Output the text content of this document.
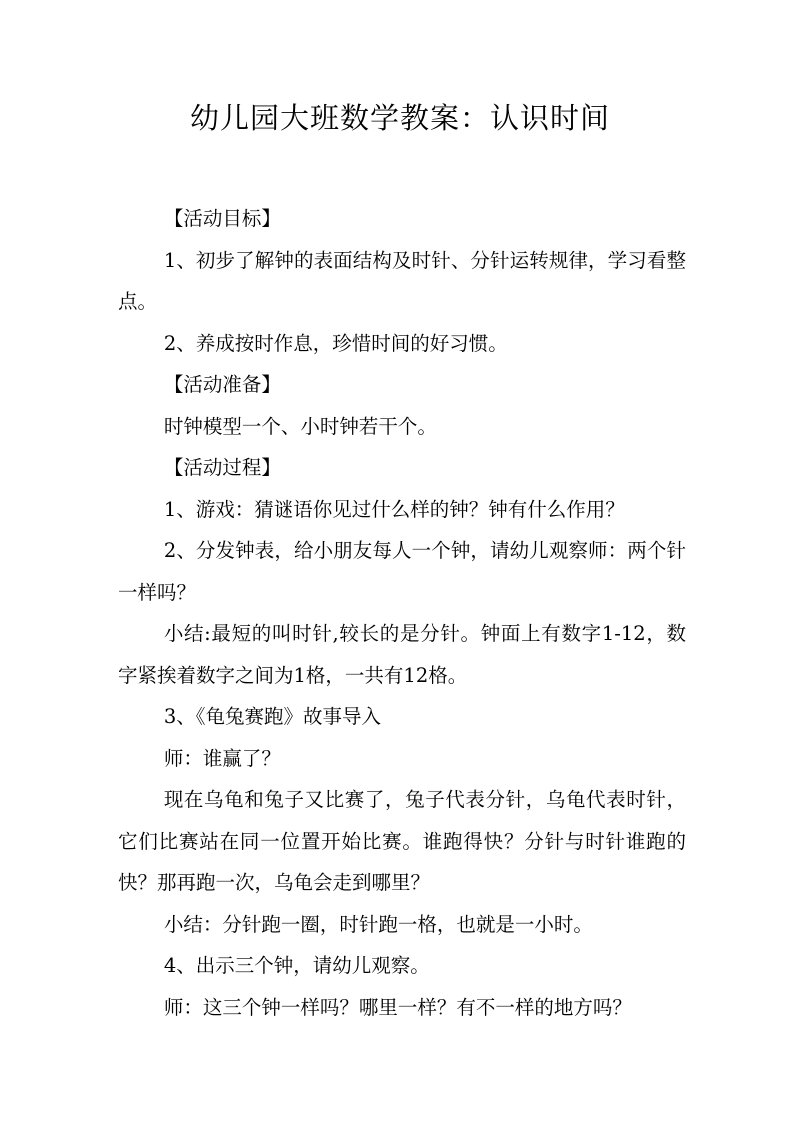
幼儿园大班数学教案：认识时间

【活动目标】

1、初步了解钟的表面结构及时针、分针运转规律，学习看整点。

2、养成按时作息，珍惜时间的好习惯。

【活动准备】

时钟模型一个、小时钟若干个。

【活动过程】

1、游戏：猜谜语你见过什么样的钟？钟有什么作用？

2、分发钟表，给小朋友每人一个钟，请幼儿观察师：两个针一样吗？

小结:最短的叫时针,较长的是分针。钟面上有数字1-12，数字紧挨着数字之间为1格，一共有12格。

3、《龟兔赛跑》故事导入

师：谁赢了？

现在乌龟和兔子又比赛了，兔子代表分针，乌龟代表时针，它们比赛站在同一位置开始比赛。谁跑得快？分针与时针谁跑的快？那再跑一次，乌龟会走到哪里？

小结：分针跑一圈，时针跑一格，也就是一小时。

4、出示三个钟，请幼儿观察。

师：这三个钟一样吗？哪里一样？有不一样的地方吗？
